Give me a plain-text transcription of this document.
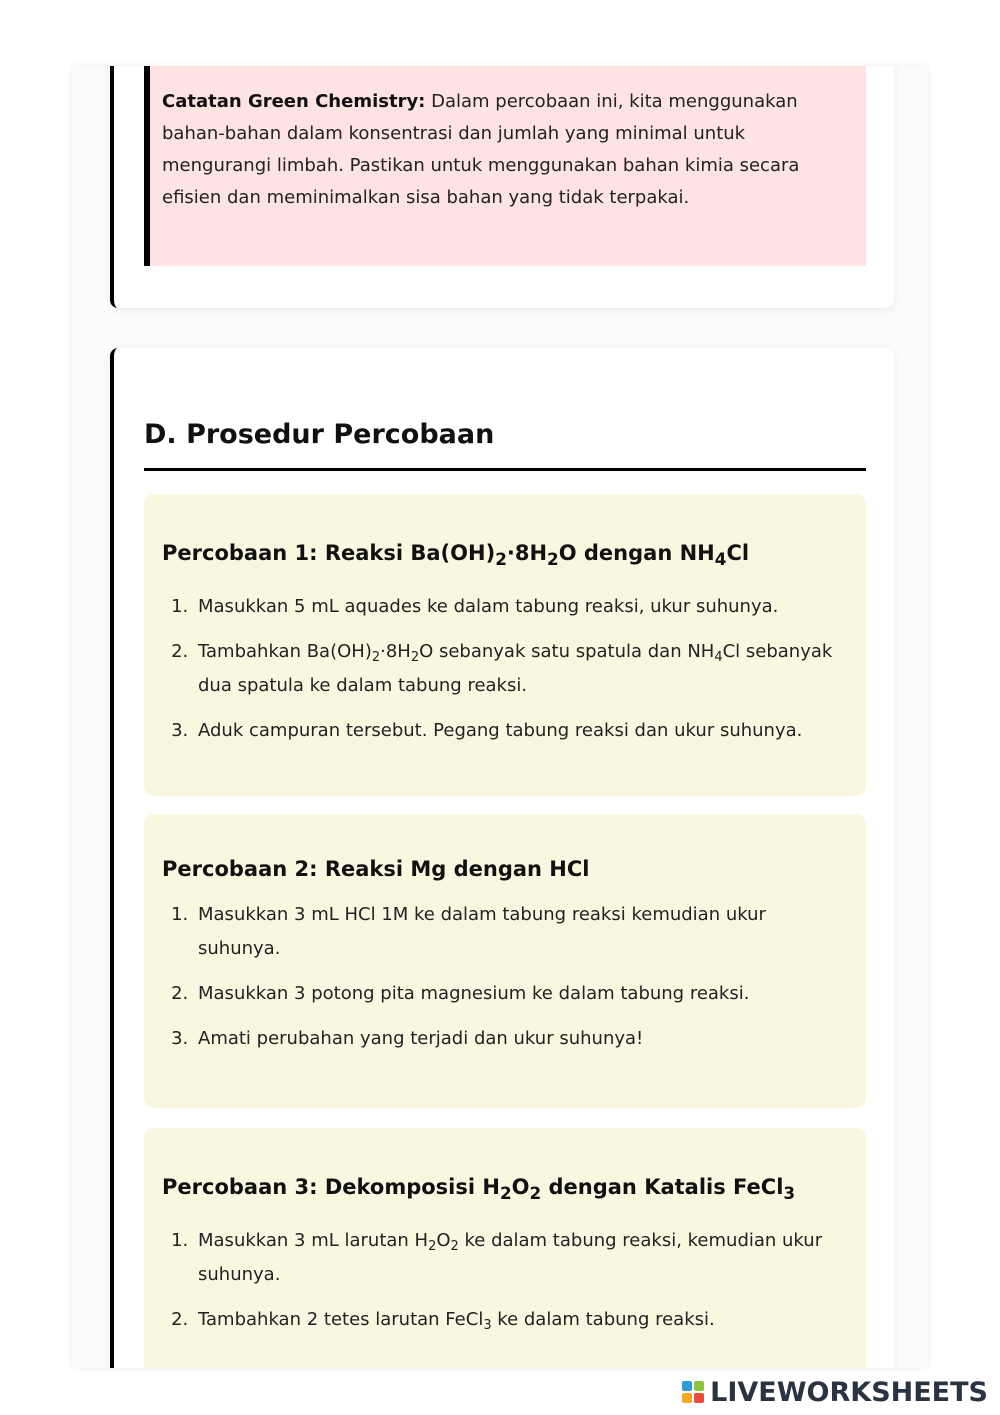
Catatan Green Chemistry: Dalam percobaan ini, kita menggunakan bahan-bahan dalam konsentrasi dan jumlah yang minimal untuk mengurangi limbah. Pastikan untuk menggunakan bahan kimia secara efisien dan meminimalkan sisa bahan yang tidak terpakai.
D. Prosedur Percobaan
Percobaan 1: Reaksi $Ba(OH)_2\cdot 8H_2O$ dengan $NH_4Cl$
1. Masukkan 5 mL aquades ke dalam tabung reaksi, ukur suhunya.
2. Tambahkan $Ba(OH)_2\cdot 8H_2O$ sebanyak satu spatula dan $NH_4Cl$ sebanyak dua spatula ke dalam tabung reaksi.
3. Aduk campuran tersebut. Pegang tabung reaksi dan ukur suhunya.
Percobaan 2: Reaksi Mg dengan HCl
1. Masukkan 3 mL HCl 1M ke dalam tabung reaksi kemudian ukur suhunya.
2. Masukkan 3 potong pita magnesium ke dalam tabung reaksi.
3. Amati perubahan yang terjadi dan ukur suhunya!
Percobaan 3: Dekomposisi $H_2O_2$ dengan Katalis FeCl$_3$
1. Masukkan 3 mL larutan $H_2O_2$ ke dalam tabung reaksi, kemudian ukur suhunya.
2. Tambahkan 2 tetes larutan FeCl$_3$ ke dalam tabung reaksi.
LIVEWORKSHEETS
